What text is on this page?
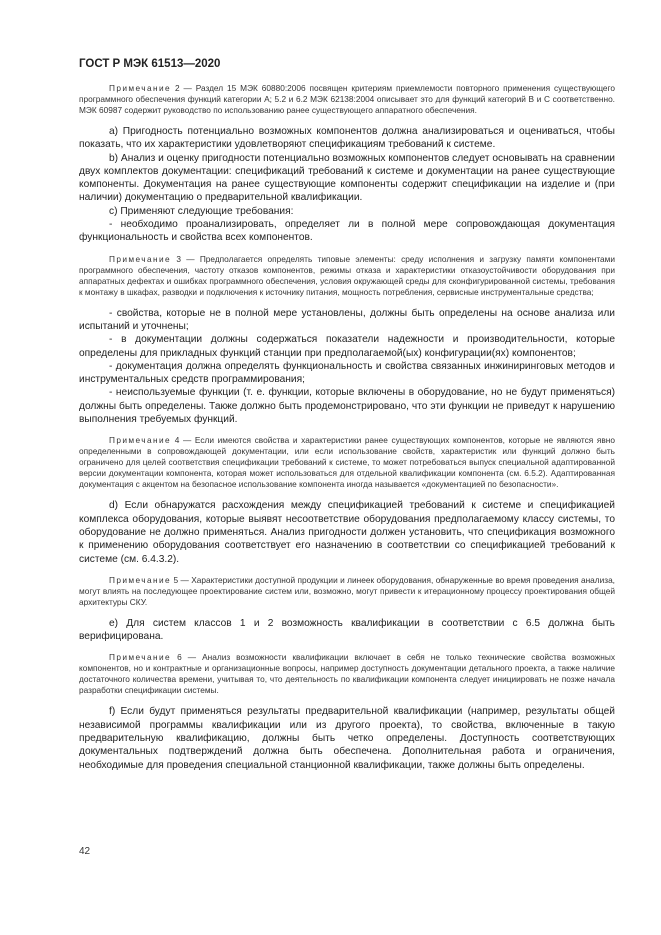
ГОСТ Р МЭК 61513—2020

Примечание 2 — Раздел 15 МЭК 60880:2006 посвящен критериям приемлемости повторного применения существующего программного обеспечения функций категории A; 5.2 и 6.2 МЭК 62138:2004 описывает это для функций категорий B и C соответственно. МЭК 60987 содержит руководство по использованию ранее существующего аппаратного обеспечения.

a) Пригодность потенциально возможных компонентов должна анализироваться и оцениваться, чтобы показать, что их характеристики удовлетворяют спецификациям требований к системе.

b) Анализ и оценку пригодности потенциально возможных компонентов следует основывать на сравнении двух комплектов документации: спецификаций требований к системе и документации на ранее существующие компоненты. Документация на ранее существующие компоненты содержит спецификации на изделие и (при наличии) документацию о предварительной квалификации.

c) Применяют следующие требования:

- необходимо проанализировать, определяет ли в полной мере сопровождающая документация функциональность и свойства всех компонентов.

Примечание 3 — Предполагается определять типовые элементы: среду исполнения и загрузку памяти компонентами программного обеспечения, частоту отказов компонентов, режимы отказа и характеристики отказоустойчивости оборудования при аппаратных дефектах и ошибках программного обеспечения, условия окружающей среды для сконфигурированной системы, требования к монтажу в шкафах, разводки и подключения к источнику питания, мощность потребления, сервисные инструментальные средства;

- свойства, которые не в полной мере установлены, должны быть определены на основе анализа или испытаний и уточнены;

- в документации должны содержаться показатели надежности и производительности, которые определены для прикладных функций станции при предполагаемой(ых) конфигурации(ях) компонентов;

- документация должна определять функциональность и свойства связанных инжиниринговых методов и инструментальных средств программирования;

- неиспользуемые функции (т. е. функции, которые включены в оборудование, но не будут применяться) должны быть определены. Также должно быть продемонстрировано, что эти функции не приведут к нарушению выполнения требуемых функций.

Примечание 4 — Если имеются свойства и характеристики ранее существующих компонентов, которые не являются явно определенными в сопровождающей документации, или если использование свойств, характеристик или функций должно быть ограничено для целей соответствия спецификации требований к системе, то может потребоваться выпуск специальной адаптированной версии документации компонента, которая может использоваться для отдельной квалификации компонента (см. 6.5.2). Адаптированная документация с акцентом на безопасное использование компонента иногда называется «документацией по безопасности».

d) Если обнаружатся расхождения между спецификацией требований к системе и спецификацией комплекса оборудования, которые выявят несоответствие оборудования предполагаемому классу системы, то оборудование не должно применяться. Анализ пригодности должен установить, что спецификация возможного к применению оборудования соответствует его назначению в соответствии со спецификацией требований к системе (см. 6.4.3.2).

Примечание 5 — Характеристики доступной продукции и линеек оборудования, обнаруженные во время проведения анализа, могут влиять на последующее проектирование систем или, возможно, могут привести к итерационному процессу проектирования общей архитектуры СКУ.

e) Для систем классов 1 и 2 возможность квалификации в соответствии с 6.5 должна быть верифицирована.

Примечание 6 — Анализ возможности квалификации включает в себя не только технические свойства возможных компонентов, но и контрактные и организационные вопросы, например доступность документации детального проекта, а также наличие достаточного количества времени, учитывая то, что деятельность по квалификации компонента следует инициировать не позже начала разработки спецификации системы.

f) Если будут применяться результаты предварительной квалификации (например, результаты общей независимой программы квалификации или из другого проекта), то свойства, включенные в такую предварительную квалификацию, должны быть четко определены. Доступность соответствующих документальных подтверждений должна быть обеспечена. Дополнительная работа и ограничения, необходимые для проведения специальной станционной квалификации, также должны быть определены.

42
